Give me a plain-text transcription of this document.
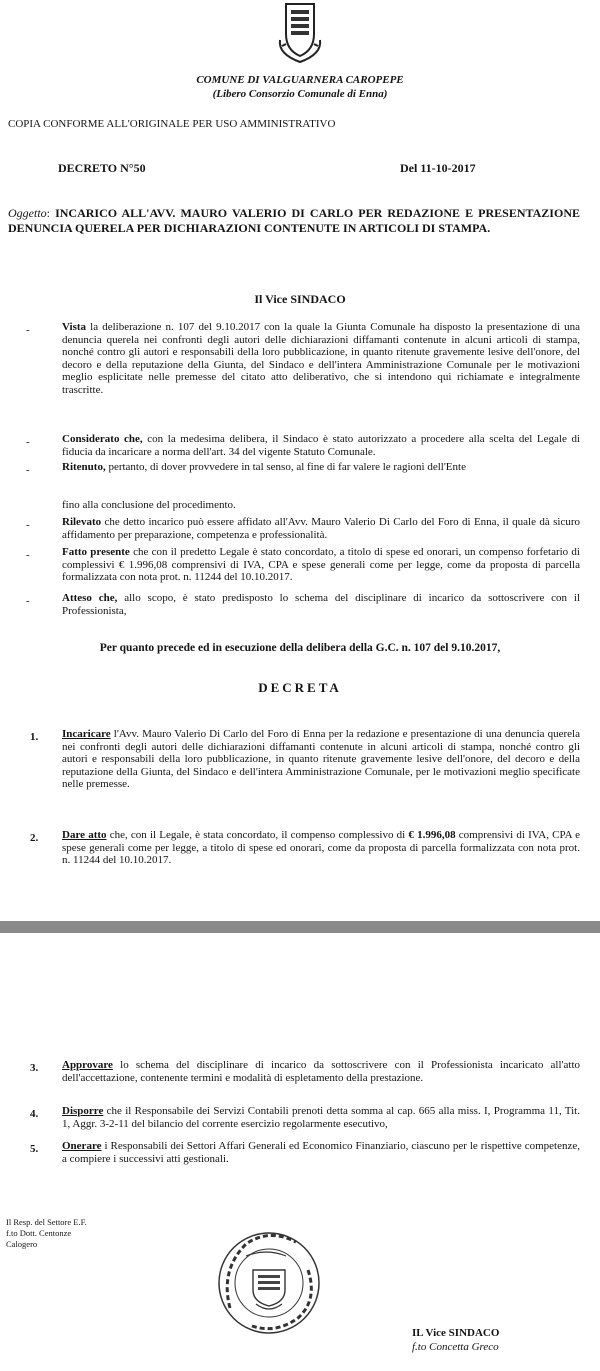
COMUNE DI VALGUARNERA CAROPEPE
(Libero Consorzio Comunale di Enna)
COPIA CONFORME ALL'ORIGINALE PER USO AMMINISTRATIVO
DECRETO N°50	Del 11-10-2017
Oggetto: INCARICO ALL'AVV. MAURO VALERIO DI CARLO PER REDAZIONE E PRESENTAZIONE DENUNCIA QUERELA PER DICHIARAZIONI CONTENUTE IN ARTICOLI DI STAMPA.
Il Vice SINDACO
-	Vista la deliberazione n. 107 del 9.10.2017 con la quale la Giunta Comunale ha disposto la presentazione di una denuncia querela nei confronti degli autori delle dichiarazioni diffamanti contenute in alcuni articoli di stampa, nonché contro gli autori e responsabili della loro pubblicazione, in quanto ritenute gravemente lesive dell'onore, del decoro e della reputazione della Giunta, del Sindaco e dell'intera Amministrazione Comunale per le motivazioni meglio esplicitate nelle premesse del citato atto deliberativo, che si intendono qui richiamate e integralmente trascritte.
-	Considerato che, con la medesima delibera, il Sindaco è stato autorizzato a procedere alla scelta del Legale di fiducia da incaricare a norma dell'art. 34 del vigente Statuto Comunale.
-	Ritenuto, pertanto, di dover provvedere in tal senso, al fine di far valere le ragioni dell'Ente
fino alla conclusione del procedimento.
-	Rilevato che detto incarico può essere affidato all'Avv. Mauro Valerio Di Carlo del Foro di Enna, il quale dà sicuro affidamento per preparazione, competenza e professionalità.
-	Fatto presente che con il predetto Legale è stato concordato, a titolo di spese ed onorari, un compenso forfetario di complessivi € 1.996,08 comprensivi di IVA, CPA e spese generali come per legge, come da proposta di parcella formalizzata con nota prot. n. 11244 del 10.10.2017.
-	Atteso che, allo scopo, è stato predisposto lo schema del disciplinare di incarico da sottoscrivere con il Professionista,
Per quanto precede ed in esecuzione della delibera della G.C. n. 107 del 9.10.2017,
DECRETA
1. Incaricare l'Avv. Mauro Valerio Di Carlo del Foro di Enna per la redazione e presentazione di una denuncia querela nei confronti degli autori delle dichiarazioni diffamanti contenute in alcuni articoli di stampa, nonché contro gli autori e responsabili della loro pubblicazione, in quanto ritenute gravemente lesive dell'onore, del decoro e della reputazione della Giunta, del Sindaco e dell'intera Amministrazione Comunale, per le motivazioni meglio specificate nelle premesse.
2. Dare atto che, con il Legale, è stata concordato, il compenso complessivo di € 1.996,08 comprensivi di IVA, CPA e spese generali come per legge, a titolo di spese ed onorari, come da proposta di parcella formalizzata con nota prot. n. 11244 del 10.10.2017.
3. Approvare lo schema del disciplinare di incarico da sottoscrivere con il Professionista incaricato all'atto dell'accettazione, contenente termini e modalità di espletamento della prestazione.
4. Disporre che il Responsabile dei Servizi Contabili prenoti detta somma al cap. 665 alla miss. I, Programma 11, Tit. 1, Aggr. 3-2-11 del bilancio del corrente esercizio regolarmente esecutivo,
5. Onerare i Responsabili dei Settori Affari Generali ed Economico Finanziario, ciascuno per le rispettive competenze, a compiere i successivi atti gestionali.
Il Resp. del Settore E.F.
f.to Dott. Centonze
Calogero
IL Vice SINDACO
f.to Concetta Greco
